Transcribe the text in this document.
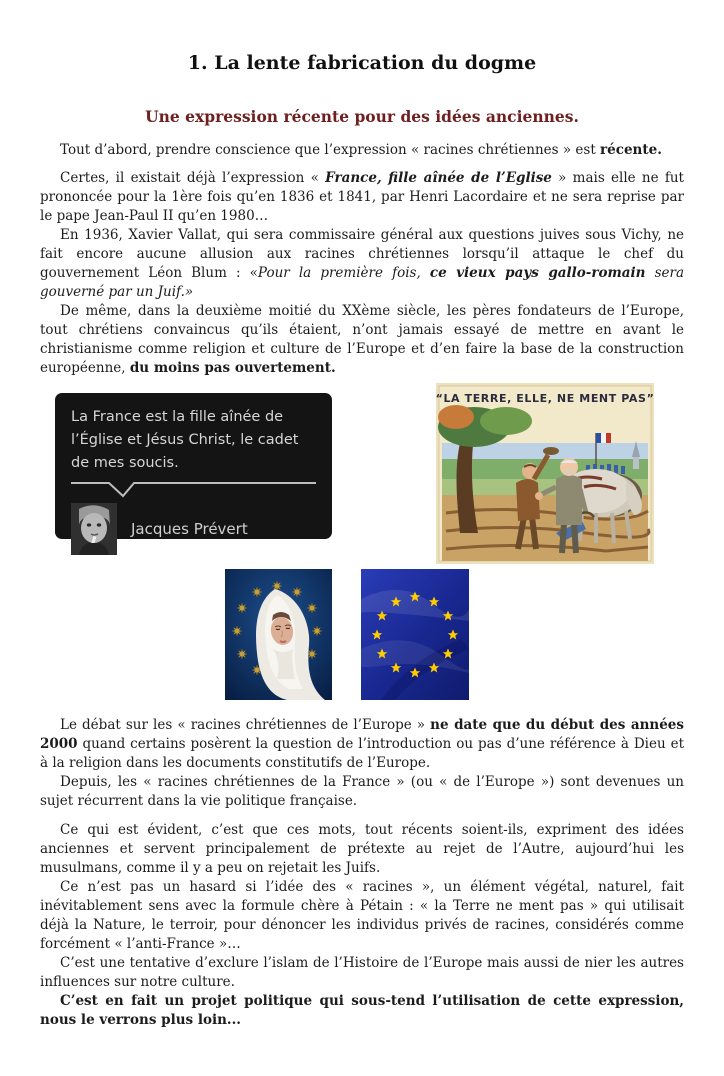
1. La lente fabrication du dogme
Une expression récente pour des idées anciennes.

Tout d’abord, prendre conscience que l’expression « racines chrétiennes » est récente.

Certes, il existait déjà l’expression « France, fille aînée de l’Eglise » mais elle ne fut prononcée pour la 1ère fois qu’en 1836 et 1841, par Henri Lacordaire et ne sera reprise par le pape Jean-Paul II qu’en 1980…

En 1936, Xavier Vallat, qui sera commissaire général aux questions juives sous Vichy, ne fait encore aucune allusion aux racines chrétiennes lorsqu’il attaque le chef du gouvernement Léon Blum : «Pour la première fois, ce vieux pays gallo-romain sera gouverné par un Juif.»

De même, dans la deuxième moitié du XXème siècle, les pères fondateurs de l’Europe, tout chrétiens convaincus qu’ils étaient, n’ont jamais essayé de mettre en avant le christianisme comme religion et culture de l’Europe et d’en faire la base de la construction européenne, du moins pas ouvertement.

La France est la fille aînée de l’Église et Jésus Christ, le cadet de mes soucis.
Jacques Prévert
“LA TERRE, ELLE, NE MENT PAS”

Le débat sur les « racines chrétiennes de l’Europe » ne date que du début des années 2000 quand certains posèrent la question de l’introduction ou pas d’une référence à Dieu et à la religion dans les documents constitutifs de l’Europe.

Depuis, les « racines chrétiennes de la France » (ou « de l’Europe ») sont devenues un sujet récurrent dans la vie politique française.

Ce qui est évident, c’est que ces mots, tout récents soient-ils, expriment des idées anciennes et servent principalement de prétexte au rejet de l’Autre, aujourd’hui les musulmans, comme il y a peu on rejetait les Juifs.

Ce n’est pas un hasard si l’idée des « racines », un élément végétal, naturel, fait inévitablement sens avec la formule chère à Pétain : « la Terre ne ment pas » qui utilisait déjà la Nature, le terroir, pour dénoncer les individus privés de racines, considérés comme forcément « l’anti-France »…

C’est une tentative d’exclure l’islam de l’Histoire de l’Europe mais aussi de nier les autres influences sur notre culture.

C’est en fait un projet politique qui sous-tend l’utilisation de cette expression, nous le verrons plus loin...
